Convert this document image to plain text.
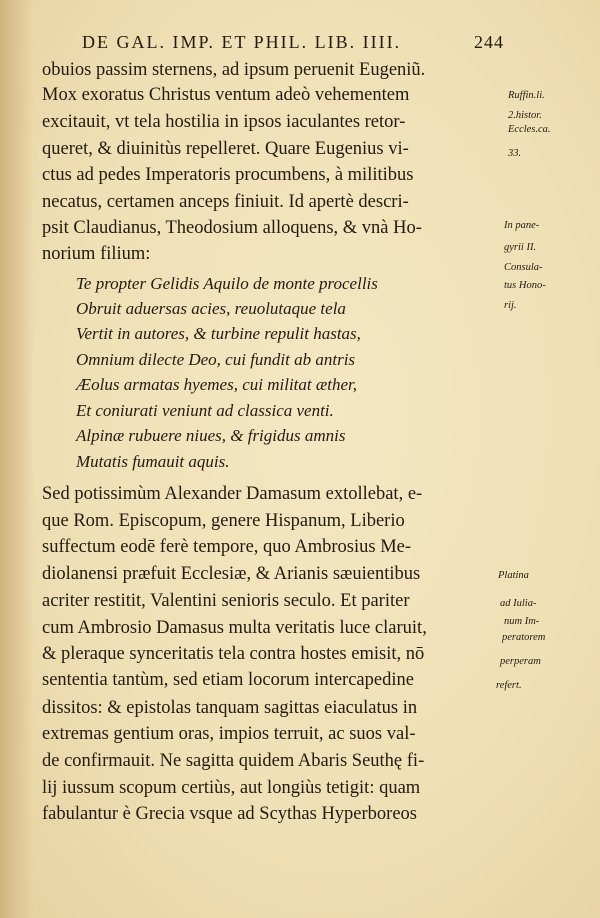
DE GAL. IMP. ET PHIL. LIB. IIII.	244
obuios passim sternens, ad ipsum peruenit Eugeniũ.
Mox exoratus Christus ventum adeò vehementem
excitauit, vt tela hostilia in ipsos iaculantes retor-
queret, & diuinitùs repelleret. Quare Eugenius vi-
ctus ad pedes Imperatoris procumbens, à militibus
necatus, certamen anceps finiuit. Id apertè descri-
psit Claudianus, Theodosium alloquens, & vnà Ho-
norium filium:
Te propter Gelidis Aquilo de monte procellis
Obruit aduersas acies, reuolutaque tela
Vertit in autores, & turbine repulit hastas,
Omnium dilecte Deo, cui fundit ab antris
Æolus armatas hyemes, cui militat æther,
Et coniurati veniunt ad classica venti.
Alpinæ rubuere niues, & frigidus amnis
Mutatis fumauit aquis.
Sed potissimùm Alexander Damasum extollebat, e-
que Rom. Episcopum, genere Hispanum, Liberio
suffectum eodē ferè tempore, quo Ambrosius Me-
diolanensi præfuit Ecclesiæ, & Arianis sæuientibus
acriter restitit, Valentini senioris seculo. Et pariter
cum Ambrosio Damasus multa veritatis luce claruit,
& pleraque synceritatis tela contra hostes emisit, nō
sententia tantùm, sed etiam locorum intercapedine
dissitos: & epistolas tanquam sagittas eiaculatus in
extremas gentium oras, impios terruit, ac suos val-
de confirmauit. Ne sagitta quidem Abaris Seuthę fi-
lij iussum scopum certiùs, aut longiùs tetigit: quam
fabulantur è Grecia vsque ad Scythas Hyperboreos
Ruffin.li.
2.histor.
Eccles.ca.
33.
In pane-
gyrii II.
Consula-
tus Hono-
rij.
Platina
ad Iulia-
num Im-
peratorem
perperam
refert.
